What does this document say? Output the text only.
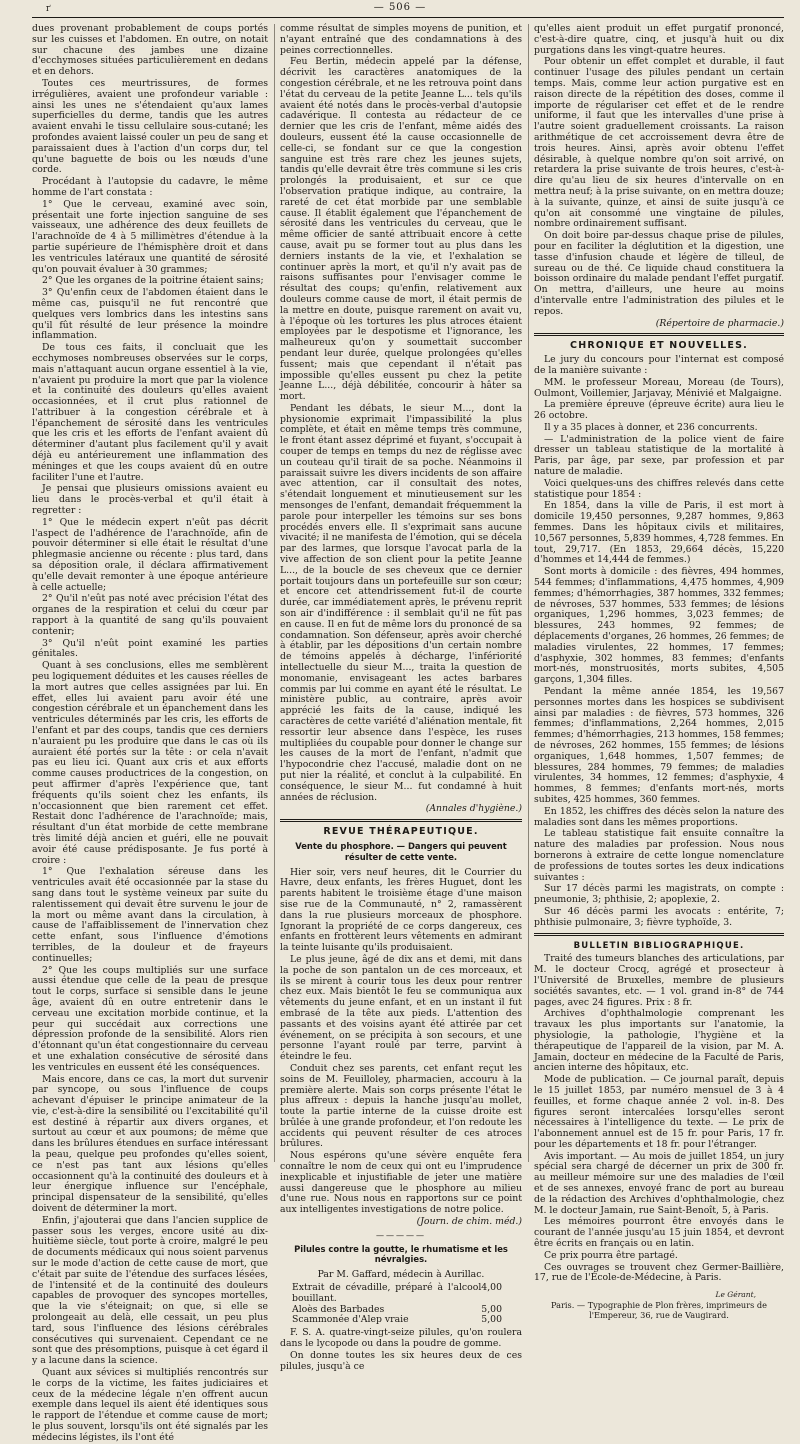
ґ	— 506 —

dues provenant probablement de coups portés sur les cuisses et l'abdomen. En outre, on notait sur chacune des jambes une dizaine d'ecchymoses situées particulièrement en dedans et en dehors.

Toutes ces meurtrissures, de formes irrégulières, avaient une profondeur variable : ainsi les unes ne s'étendaient qu'aux lames superficielles du derme, tandis que les autres avaient envahi le tissu cellulaire sous-cutané; les profondes avaient laissé couler un peu de sang et paraissaient dues à l'action d'un corps dur, tel qu'une baguette de bois ou les nœuds d'une corde.

Procédant à l'autopsie du cadavre, le même homme de l'art constata :

1° Que le cerveau, examiné avec soin, présentait une forte injection sanguine de ses vaisseaux, une adhérence des deux feuillets de l'arachnoïde de 4 à 5 millimètres d'étendue à la partie supérieure de l'hémisphère droit et dans les ventricules latéraux une quantité de sérosité qu'on pouvait évaluer à 30 grammes;

2° Que les organes de la poitrine étaient sains;

3° Qu'enfin ceux de l'abdomen étaient dans le même cas, puisqu'il ne fut rencontré que quelques vers lombrics dans les intestins sans qu'il fût résulté de leur présence la moindre inflammation.

De tous ces faits, il concluait que les ecchymoses nombreuses observées sur le corps, mais n'attaquant aucun organe essentiel à la vie, n'avaient pu produire la mort que par la violence et la continuité des douleurs qu'elles avaient occasionnées, et il crut plus rationnel de l'attribuer à la congestion cérébrale et à l'épanchement de sérosité dans les ventricules que les cris et les efforts de l'enfant avaient dû déterminer d'autant plus facilement qu'il y avait déjà eu antérieurement une inflammation des méninges et que les coups avaient dû en outre faciliter l'une et l'autre.

Je pensai que plusieurs omissions avaient eu lieu dans le procès-verbal et qu'il était à regretter :

1° Que le médecin expert n'eût pas décrit l'aspect de l'adhérence de l'arachnoïde, afin de pouvoir déterminer si elle était le résultat d'une phlegmasie ancienne ou récente : plus tard, dans sa déposition orale, il déclara affirmativement qu'elle devait remonter à une époque antérieure à celle actuelle;

2° Qu'il n'eût pas noté avec précision l'état des organes de la respiration et celui du cœur par rapport à la quantité de sang qu'ils pouvaient contenir;

3° Qu'il n'eût point examiné les parties génitales.

Quant à ses conclusions, elles me semblèrent peu logiquement déduites et les causes réelles de la mort autres que celles assignées par lui. En effet, elles lui avaient paru avoir été une congestion cérébrale et un épanchement dans les ventricules déterminés par les cris, les efforts de l'enfant et par des coups, tandis que ces derniers n'auraient pu les produire que dans le cas où ils auraient été portés sur la tête : or cela n'avait pas eu lieu ici. Quant aux cris et aux efforts comme causes productrices de la congestion, on peut affirmer d'après l'expérience que, tant fréquents qu'ils soient chez les enfants, ils n'occasionnent que bien rarement cet effet. Restait donc l'adhérence de l'arachnoïde; mais, résultant d'un état morbide de cette membrane très limité déjà ancien et guéri, elle ne pouvait avoir été cause prédisposante. Je fus porté à croire :

1° Que l'exhalation séreuse dans les ventricules avait été occasionnée par la stase du sang dans tout le système veineux par suite du ralentissement qui devait être survenu le jour de la mort ou même avant dans la circulation, à cause de l'affaiblissement de l'innervation chez cette enfant, sous l'influence d'émotions terribles, de la douleur et de frayeurs continuelles;

2° Que les coups multipliés sur une surface aussi étendue que celle de la peau de presque tout le corps, surface si sensible dans le jeune âge, avaient dû en outre entretenir dans le cerveau une excitation morbide continue, et la peur qui succédait aux corrections une dépression profonde de la sensibilité. Alors rien d'étonnant qu'un état congestionnaire du cerveau et une exhalation consécutive de sérosité dans les ventricules en eussent été les conséquences.

Mais encore, dans ce cas, la mort dut survenir par syncope, ou sous l'influence de coups achevant d'épuiser le principe animateur de la vie, c'est-à-dire la sensibilité ou l'excitabilité qu'il est destiné à répartir aux divers organes, et surtout au cœur et aux poumons; de même que dans les brûlures étendues en surface intéressant la peau, quelque peu profondes qu'elles soient, ce n'est pas tant aux lésions qu'elles occasionnent qu'à la continuité des douleurs et à leur énergique influence sur l'encéphale, principal dispensateur de la sensibilité, qu'elles doivent de déterminer la mort.

Enfin, j'ajouterai que dans l'ancien supplice de passer sous les verges, encore usité au dix-huitième siècle, tout porte à croire, malgré le peu de documents médicaux qui nous soient parvenus sur le mode d'action de cette cause de mort, que c'était par suite de l'étendue des surfaces lésées, de l'intensité et de la continuité des douleurs capables de provoquer des syncopes mortelles, que la vie s'éteignait; on que, si elle se prolongeait au delà, elle cessait, un peu plus tard, sous l'influence des lésions cérébrales consécutives qui survenaient. Cependant ce ne sont que des présomptions, puisque à cet égard il y a lacune dans la science.

Quant aux sévices si multipliés rencontrés sur le corps de la victime, les faites judiciaires et ceux de la médecine légale n'en offrent aucun exemple dans lequel ils aient été identiques sous le rapport de l'étendue et comme cause de mort; le plus souvent, lorsqu'ils ont été signalés par les médecins légistes, ils l'ont été

comme résultat de simples moyens de punition, et n'ayant entraîné que des condamnations à des peines correctionnelles.

Feu Bertin, médecin appelé par la défense, décrivit les caractères anatomiques de la congestion cérébrale, et ne les retrouva point dans l'état du cerveau de la petite Jeanne L... tels qu'ils avaient été notés dans le procès-verbal d'autopsie cadavérique. Il contesta au rédacteur de ce dernier que les cris de l'enfant, même aidés des douleurs, eussent été la cause occasionnelle de celle-ci, se fondant sur ce que la congestion sanguine est très rare chez les jeunes sujets, tandis qu'elle devrait être très commune si les cris prolongés la produisaient, et sur ce que l'observation pratique indique, au contraire, la rareté de cet état morbide par une semblable cause. Il établit également que l'épanchement de sérosité dans les ventricules du cerveau, que le même officier de santé attribuait encore à cette cause, avait pu se former tout au plus dans les derniers instants de la vie, et l'exhalation se continuer après la mort, et qu'il n'y avait pas de raisons suffisantes pour l'envisager comme le résultat des coups; qu'enfin, relativement aux douleurs comme cause de mort, il était permis de la mettre en doute, puisque rarement on avait vu, à l'époque où les tortures les plus atroces étaient employées par le despotisme et l'ignorance, les malheureux qu'on y soumettait succomber pendant leur durée, quelque prolongées qu'elles fussent; mais que cependant il n'était pas impossible qu'elles eussent pu chez la petite Jeanne L..., déjà débilitée, concourir à hâter sa mort.

Pendant les débats, le sieur M..., dont la physionomie exprimait l'impassibilité la plus complète, et était en même temps très commune, le front étant assez déprimé et fuyant, s'occupait à couper de temps en temps du nez de réglisse avec un couteau qu'il tirait de sa poche. Néanmoins il paraissait suivre les divers incidents de son affaire avec attention, car il consultait des notes, s'étendait longuement et minutieusement sur les mensonges de l'enfant, demandait fréquemment la parole pour interpeller les témoins sur ses bons procédés envers elle. Il s'exprimait sans aucune vivacité; il ne manifesta de l'émotion, qui se décela par des larmes, que lorsque l'avocat parla de la vive affection de son client pour la petite Jeanne L..., de la boucle de ses cheveux que ce dernier portait toujours dans un portefeuille sur son cœur; et encore cet attendrissement fut-il de courte durée, car immédiatement après, le prévenu reprit son air d'indifférence : il semblait qu'il ne fût pas en cause. Il en fut de même lors du prononcé de sa condamnation. Son défenseur, après avoir cherché à établir, par les dépositions d'un certain nombre de témoins appelés à décharge, l'infériorité intellectuelle du sieur M..., traita la question de monomanie, envisageant les actes barbares commis par lui comme en ayant été le résultat. Le ministère public, au contraire, après avoir apprécié les faits de la cause, indiqué les caractères de cette variété d'aliénation mentale, fit ressortir leur absence dans l'espèce, les ruses multipliées du coupable pour donner le change sur les causes de la mort de l'enfant, n'admit que l'hypocondrie chez l'accusé, maladie dont on ne put nier la réalité, et conclut à la culpabilité. En conséquence, le sieur M... fut condamné à huit années de réclusion.

(Annales d'hygiène.)
REVUE THÉRAPEUTIQUE.
Vente du phosphore. — Dangers qui peuvent résulter de cette vente.

Hier soir, vers neuf heures, dit le Courrier du Havre, deux enfants, les frères Huguet, dont les parents habitent le troisième étage d'une maison sise rue de la Communauté, n° 2, ramassèrent dans la rue plusieurs morceaux de phosphore. Ignorant la propriété de ce corps dangereux, ces enfants en frottèrent leurs vêtements en admirant la teinte luisante qu'ils produisaient.

Le plus jeune, âgé de dix ans et demi, mit dans la poche de son pantalon un de ces morceaux, et ils se mirent à courir tous les deux pour rentrer chez eux. Mais bientôt le feu se communiqua aux vêtements du jeune enfant, et en un instant il fut embrasé de la tête aux pieds. L'attention des passants et des voisins ayant été attirée par cet événement, on se précipita à son secours, et une personne l'ayant roulé par terre, parvint à éteindre le feu.

Conduit chez ses parents, cet enfant reçut les soins de M. Feuilloley, pharmacien, accouru à la première alerte. Mais son corps présente l'état le plus affreux : depuis la hanche jusqu'au mollet, toute la partie interne de la cuisse droite est brûlée à une grande profondeur, et l'on redoute les accidents qui peuvent résulter de ces atroces brûlures.

Nous espérons qu'une sévère enquête fera connaître le nom de ceux qui ont eu l'imprudence inexplicable et injustifiable de jeter une matière aussi dangereuse que le phosphore au milieu d'une rue. Nous nous en rapportons sur ce point aux intelligentes investigations de notre police.

(Journ. de chim. méd.)
—————
Pilules contre la goutte, le rhumatisme et les névralgies.

Par M. Gaffard, médecin à Aurillac.

Extrait de cévadille, préparé à l'alcool bouillant.
4,00
Aloès des Barbades	5,00
Scammonée d'Alep vraie	5,00

F. S. A. quatre-vingt-seize pilules, qu'on roulera dans le lycopode ou dans la poudre de gomme.

On donne toutes les six heures deux de ces pilules, jusqu'à ce

qu'elles aient produit un effet purgatif prononcé, c'est-à-dire quatre, cinq, et jusqu'à huit ou dix purgations dans les vingt-quatre heures.

Pour obtenir un effet complet et durable, il faut continuer l'usage des pilules pendant un certain temps. Mais, comme leur action purgative est en raison directe de la répétition des doses, comme il importe de régulariser cet effet et de le rendre uniforme, il faut que les intervalles d'une prise à l'autre soient graduellement croissants. La raison arithmétique de cet accroissement devra être de trois heures. Ainsi, après avoir obtenu l'effet désirable, à quelque nombre qu'on soit arrivé, on retardera la prise suivante de trois heures, c'est-à-dire qu'au lieu de six heures d'intervalle on en mettra neuf; à la prise suivante, on en mettra douze; à la suivante, quinze, et ainsi de suite jusqu'à ce qu'on ait consommé une vingtaine de pilules, nombre ordinairement suffisant.

On doit boire par-dessus chaque prise de pilules, pour en faciliter la déglutition et la digestion, une tasse d'infusion chaude et légère de tilleul, de sureau ou de thé. Ce liquide chaud constituera la boisson ordinaire du malade pendant l'effet purgatif. On mettra, d'ailleurs, une heure au moins d'intervalle entre l'administration des pilules et le repos.

(Répertoire de pharmacie.)
CHRONIQUE ET NOUVELLES.

Le jury du concours pour l'internat est composé de la manière suivante :

MM. le professeur Moreau, Moreau (de Tours), Oulmont, Voillemier, Jarjavay, Ménivié et Malgaigne.

La première épreuve (épreuve écrite) aura lieu le 26 octobre.

Il y a 35 places à donner, et 236 concurrents.

— L'administration de la police vient de faire dresser un tableau statistique de la mortalité à Paris, par âge, par sexe, par profession et par nature de maladie.

Voici quelques-uns des chiffres relevés dans cette statistique pour 1854 :

En 1854, dans la ville de Paris, il est mort à domicile 19,450 personnes, 9,287 hommes, 9,863 femmes. Dans les hôpitaux civils et militaires, 10,567 personnes, 5,839 hommes, 4,728 femmes. En tout, 29,717. (En 1853, 29,664 décès, 15,220 d'hommes et 14,444 de femmes.)

Sont morts à domicile : des fièvres, 494 hommes, 544 femmes; d'inflammations, 4,475 hommes, 4,909 femmes; d'hémorrhagies, 387 hommes, 332 femmes; de névroses, 537 hommes, 533 femmes; de lésions organiques, 1,296 hommes, 3,023 femmes; de blessures, 243 hommes, 92 femmes; de déplacements d'organes, 26 hommes, 26 femmes; de maladies virulentes, 22 hommes, 17 femmes; d'asphyxie, 302 hommes, 83 femmes; d'enfants mort-nés, monstruosités, morts subites, 4,505 garçons, 1,304 filles.

Pendant la même année 1854, les 19,567 personnes mortes dans les hospices se subdivisent ainsi par maladies : de fièvres, 573 hommes, 326 femmes; d'inflammations, 2,264 hommes, 2,015 femmes; d'hémorrhagies, 213 hommes, 158 femmes; de névroses, 262 hommes, 155 femmes; de lésions organiques, 1,648 hommes, 1,507 femmes; de blessures, 284 hommes, 79 femmes; de maladies virulentes, 34 hommes, 12 femmes; d'asphyxie, 4 hommes, 8 femmes; d'enfants mort-nés, morts subites, 425 hommes, 360 femmes.

En 1852, les chiffres des décès selon la nature des maladies sont dans les mêmes proportions.

Le tableau statistique fait ensuite connaître la nature des maladies par profession. Nous nous bornerons à extraire de cette longue nomenclature de professions de toutes sortes les deux indications suivantes :

Sur 17 décès parmi les magistrats, on compte : pneumonie, 3; phthisie, 2; apoplexie, 2.

Sur 46 décès parmi les avocats : entérite, 7; phthisie pulmonaire, 3; fièvre typhoïde, 3.

BULLETIN BIBLIOGRAPHIQUE.

Traité des tumeurs blanches des articulations, par M. le docteur Crocq, agrégé et prosecteur à l'Université de Bruxelles, membre de plusieurs sociétés savantes, etc. — 1 vol. grand in-8° de 744 pages, avec 24 figures. Prix : 8 fr.

Archives d'ophthalmologie comprenant les travaux les plus importants sur l'anatomie, la physiologie, la pathologie, l'hygiène et la thérapeutique de l'appareil de la vision, par M. A. Jamain, docteur en médecine de la Faculté de Paris, ancien interne des hôpitaux, etc.

Mode de publication. — Ce journal paraît, depuis le 15 juillet 1853, par numéro mensuel de 3 à 4 feuilles, et forme chaque année 2 vol. in-8. Des figures seront intercalées lorsqu'elles seront nécessaires à l'intelligence du texte. — Le prix de l'abonnement annuel est de 15 fr. pour Paris, 17 fr. pour les départements et 18 fr. pour l'étranger.

Avis important. — Au mois de juillet 1854, un jury spécial sera chargé de décerner un prix de 300 fr. au meilleur mémoire sur une des maladies de l'œil et de ses annexes, envoyé franc de port au bureau de la rédaction des Archives d'ophthalmologie, chez M. le docteur Jamain, rue Saint-Benoît, 5, à Paris.

Les mémoires pourront être envoyés dans le courant de l'année jusqu'au 15 juin 1854, et devront être écrits en français ou en latin.

Ce prix pourra être partagé.

Ces ouvrages se trouvent chez Germer-Baillière, 17, rue de l'École-de-Médecine, à Paris.

Le Gérant,
Paris. — Typographie de Plon frères, imprimeurs de l'Empereur, 36, rue de Vaugirard.
